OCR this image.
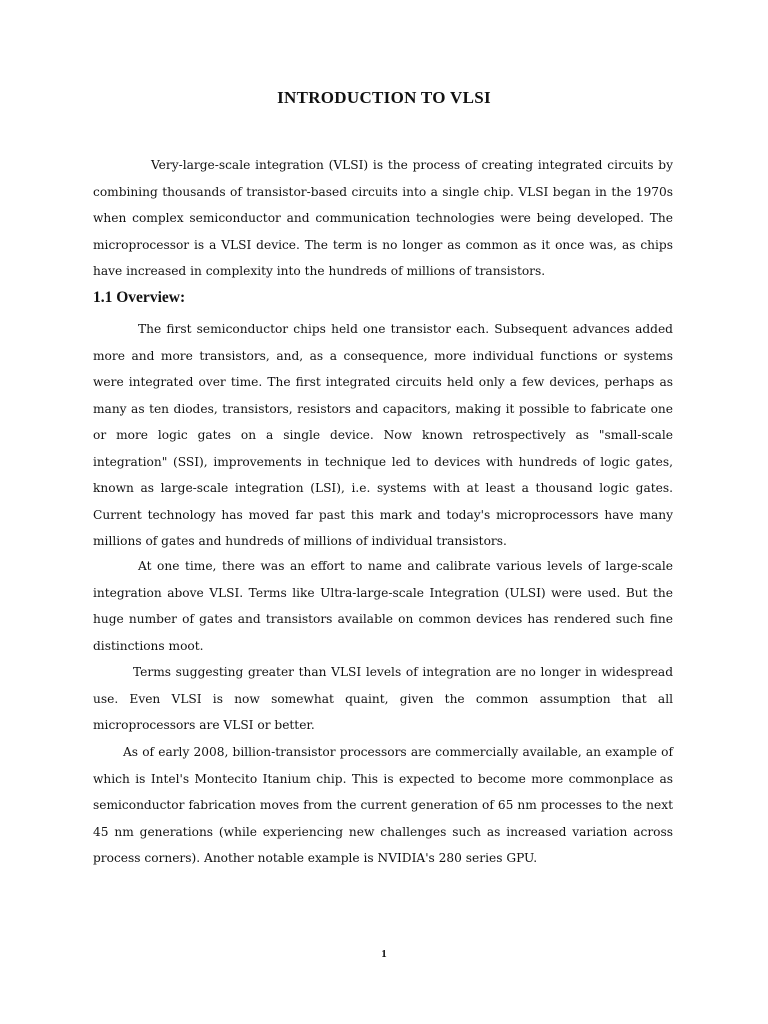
INTRODUCTION TO VLSI

Very-large-scale integration (VLSI) is the process of creating integrated circuits by combining thousands of transistor-based circuits into a single chip. VLSI began in the 1970s when complex semiconductor and communication technologies were being developed. The microprocessor is a VLSI device. The term is no longer as common as it once was, as chips have increased in complexity into the hundreds of millions of transistors.

1.1 Overview:

The first semiconductor chips held one transistor each. Subsequent advances added more and more transistors, and, as a consequence, more individual functions or systems were integrated over time. The first integrated circuits held only a few devices, perhaps as many as ten diodes, transistors, resistors and capacitors, making it possible to fabricate one or more logic gates on a single device. Now known retrospectively as "small-scale integration" (SSI), improvements in technique led to devices with hundreds of logic gates, known as large-scale integration (LSI), i.e. systems with at least a thousand logic gates. Current technology has moved far past this mark and today's microprocessors have many millions of gates and hundreds of millions of individual transistors.

At one time, there was an effort to name and calibrate various levels of large-scale integration above VLSI. Terms like Ultra-large-scale Integration (ULSI) were used. But the huge number of gates and transistors available on common devices has rendered such fine distinctions moot.

Terms suggesting greater than VLSI levels of integration are no longer in widespread use. Even VLSI is now somewhat quaint, given the common assumption that all microprocessors are VLSI or better.

As of early 2008, billion-transistor processors are commercially available, an example of which is Intel's Montecito Itanium chip. This is expected to become more commonplace as semiconductor fabrication moves from the current generation of 65 nm processes to the next 45 nm generations (while experiencing new challenges such as increased variation across process corners). Another notable example is NVIDIA's 280 series GPU.

1
